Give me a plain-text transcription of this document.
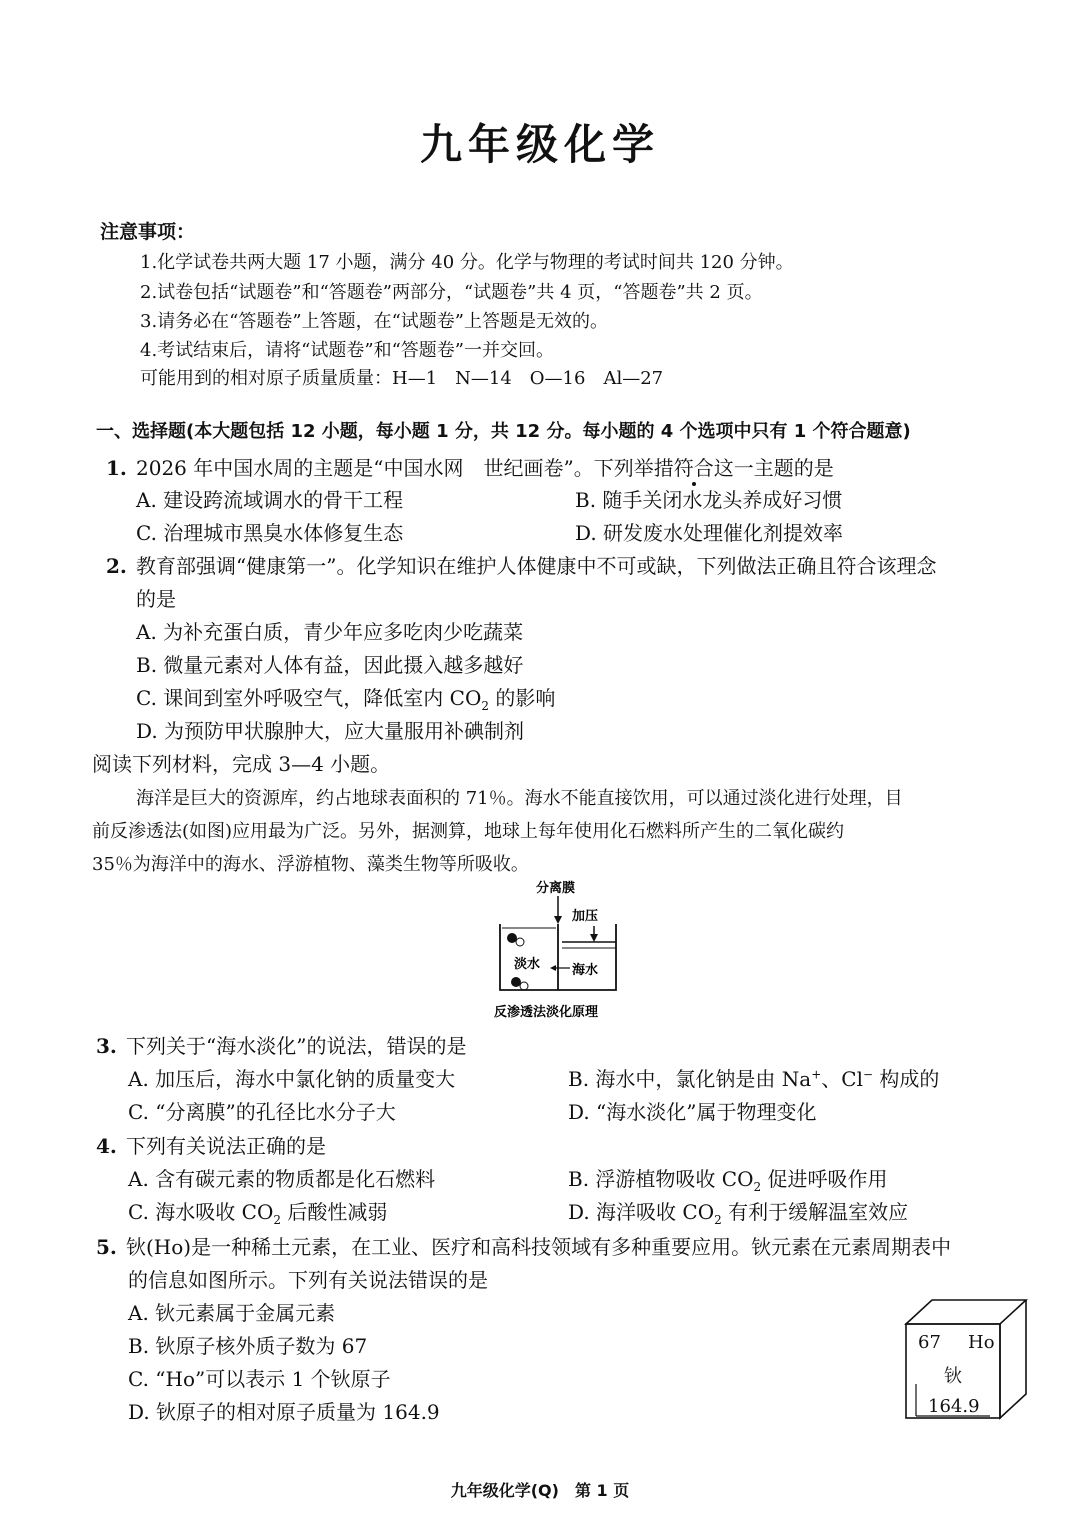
九年级化学
注意事项：
1.化学试卷共两大题 17 小题，满分 40 分。化学与物理的考试时间共 120 分钟。
2.试卷包括“试题卷”和“答题卷”两部分，“试题卷”共 4 页，“答题卷”共 2 页。
3.请务必在“答题卷”上答题，在“试题卷”上答题是无效的。
4.考试结束后，请将“试题卷”和“答题卷”一并交回。
可能用到的相对原子质量质量：H—1　N—14　O—16　Al—27
一、选择题(本大题包括 12 小题，每小题 1 分，共 12 分。每小题的 4 个选项中只有 1 个符合题意)
1. 2026 年中国水周的主题是“中国水网　世纪画卷”。下列举措符合这一主题的是
A. 建设跨流域调水的骨干工程	B. 随手关闭水龙头养成好习惯
C. 治理城市黑臭水体修复生态	D. 研发废水处理催化剂提效率
2. 教育部强调“健康第一”。化学知识在维护人体健康中不可或缺，下列做法正确且符合该理念
的是
A. 为补充蛋白质，青少年应多吃肉少吃蔬菜
B. 微量元素对人体有益，因此摄入越多越好
C. 课间到室外呼吸空气，降低室内 $CO_2$ 的影响
D. 为预防甲状腺肿大，应大量服用补碘制剂
阅读下列材料，完成 3—4 小题。
海洋是巨大的资源库，约占地球表面积的 71％。海水不能直接饮用，可以通过淡化进行处理，目
前反渗透法(如图)应用最为广泛。另外，据测算，地球上每年使用化石燃料所产生的二氧化碳约
35％为海洋中的海水、浮游植物、藻类生物等所吸收。
分离膜
加压
淡水 海水
反渗透法淡化原理
3. 下列关于“海水淡化”的说法，错误的是
A. 加压后，海水中氯化钠的质量变大	B. 海水中，氯化钠是由 Na+、Cl− 构成的
C. “分离膜”的孔径比水分子大	D. “海水淡化”属于物理变化
4. 下列有关说法正确的是
A. 含有碳元素的物质都是化石燃料	B. 浮游植物吸收 $CO_2$ 促进呼吸作用
C. 海水吸收 $CO_2$ 后酸性减弱	D. 海洋吸收 $CO_2$ 有利于缓解温室效应
5. 钬(Ho)是一种稀土元素，在工业、医疗和高科技领域有多种重要应用。钬元素在元素周期表中
的信息如图所示。下列有关说法错误的是
A. 钬元素属于金属元素
B. 钬原子核外质子数为 67
C. “Ho”可以表示 1 个钬原子
D. 钬原子的相对原子质量为 164.9
67 Ho
钬
164.9
九年级化学(Q)　第 1 页
